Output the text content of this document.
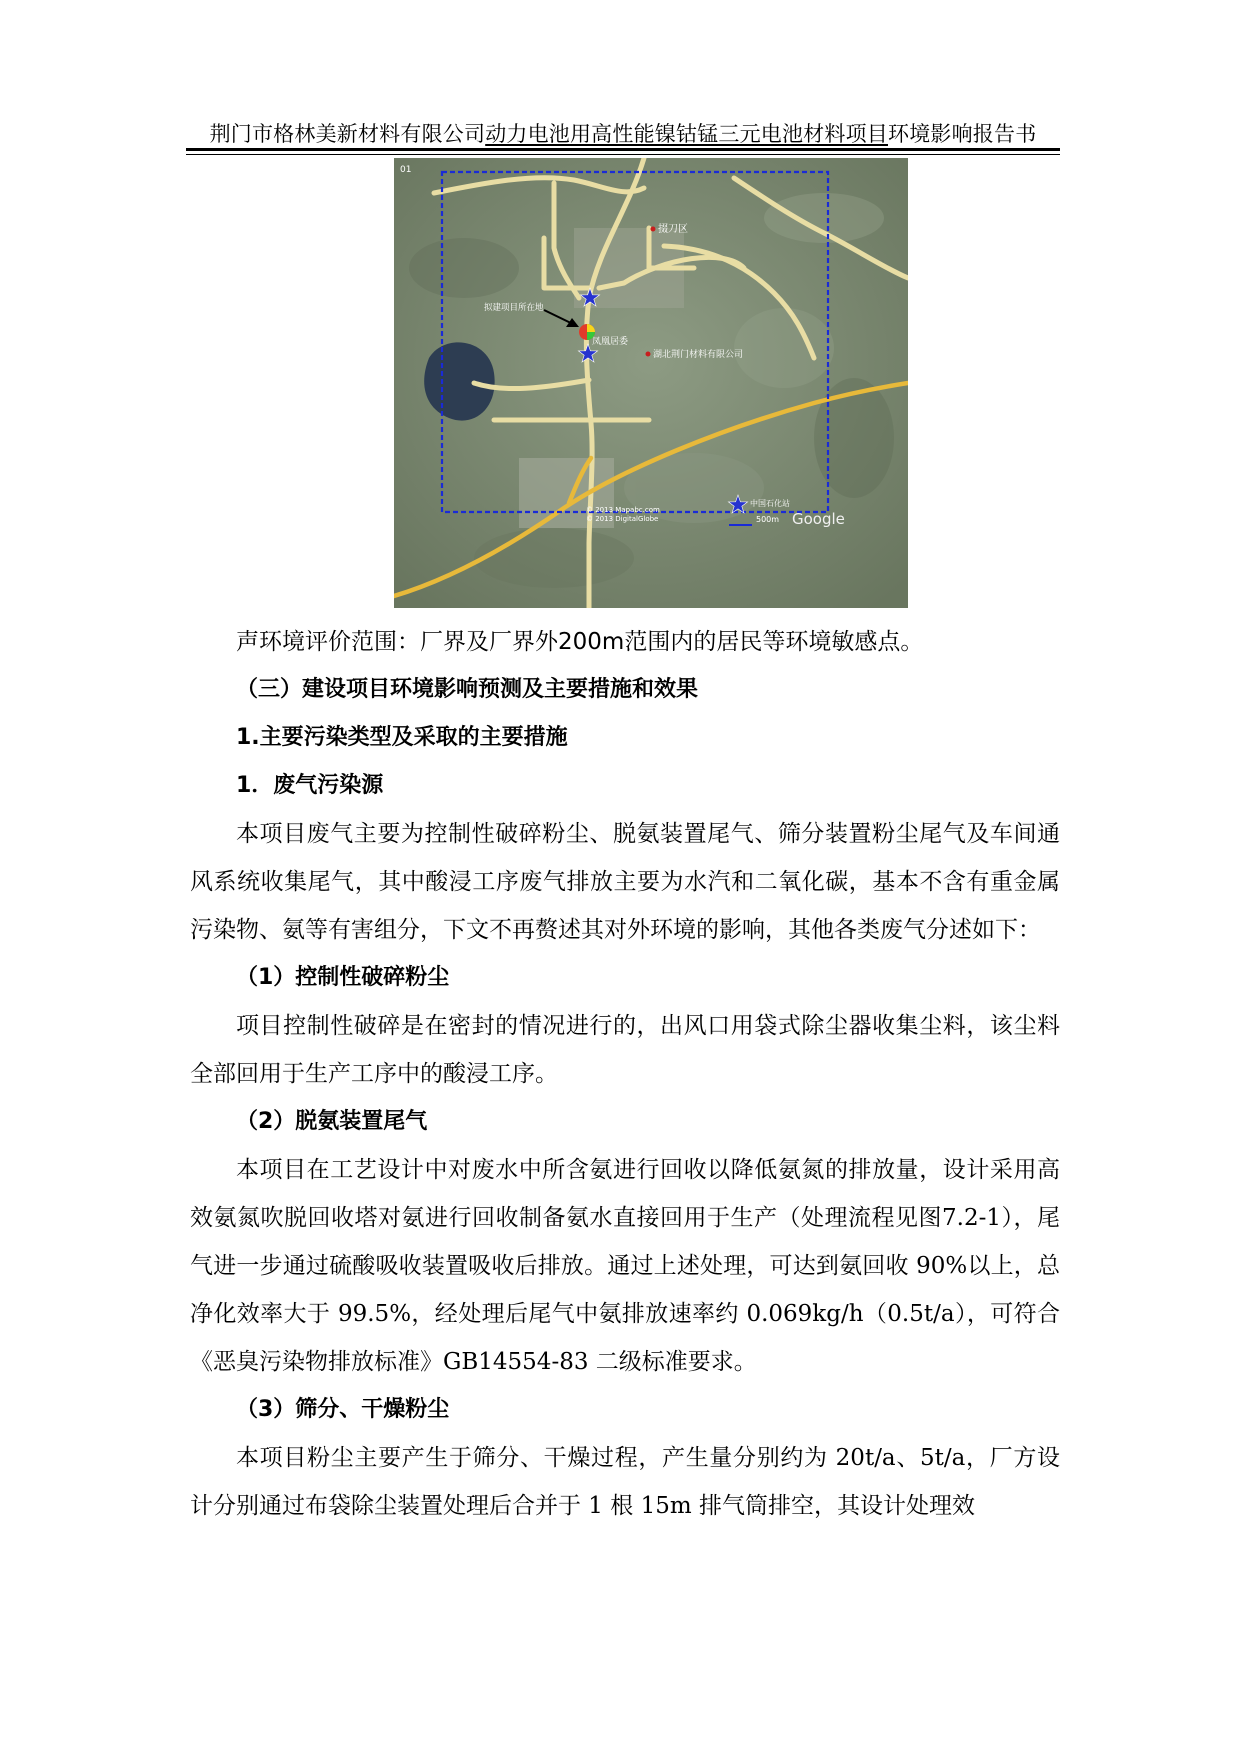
荆门市格林美新材料有限公司动力电池用高性能镍钴锰三元电池材料项目环境影响报告书
01
拟建项目所在地
掇刀区
凤凰居委
湖北荆门材料有限公司
中国石化站
© 2013 Mapabc.com
© 2013 DigitalGlobe	500m Google

声环境评价范围：厂界及厂界外200m范围内的居民等环境敏感点。

（三）建设项目环境影响预测及主要措施和效果

1.主要污染类型及采取的主要措施

1．废气污染源

本项目废气主要为控制性破碎粉尘、脱氨装置尾气、筛分装置粉尘尾气及车间通风系统收集尾气，其中酸浸工序废气排放主要为水汽和二氧化碳，基本不含有重金属污染物、氨等有害组分，下文不再赘述其对外环境的影响，其他各类废气分述如下：

（1）控制性破碎粉尘

项目控制性破碎是在密封的情况进行的，出风口用袋式除尘器收集尘料，该尘料全部回用于生产工序中的酸浸工序。

（2）脱氨装置尾气

本项目在工艺设计中对废水中所含氨进行回收以降低氨氮的排放量，设计采用高效氨氮吹脱回收塔对氨进行回收制备氨水直接回用于生产（处理流程见图7.2-1），尾气进一步通过硫酸吸收装置吸收后排放。通过上述处理，可达到氨回收 90%以上，总净化效率大于 99.5%，经处理后尾气中氨排放速率约 0.069kg/h（0.5t/a），可符合《恶臭污染物排放标准》GB14554-83 二级标准要求。

（3）筛分、干燥粉尘

本项目粉尘主要产生于筛分、干燥过程，产生量分别约为 20t/a、5t/a，厂方设计分别通过布袋除尘装置处理后合并于 1 根 15m 排气筒排空，其设计处理效
